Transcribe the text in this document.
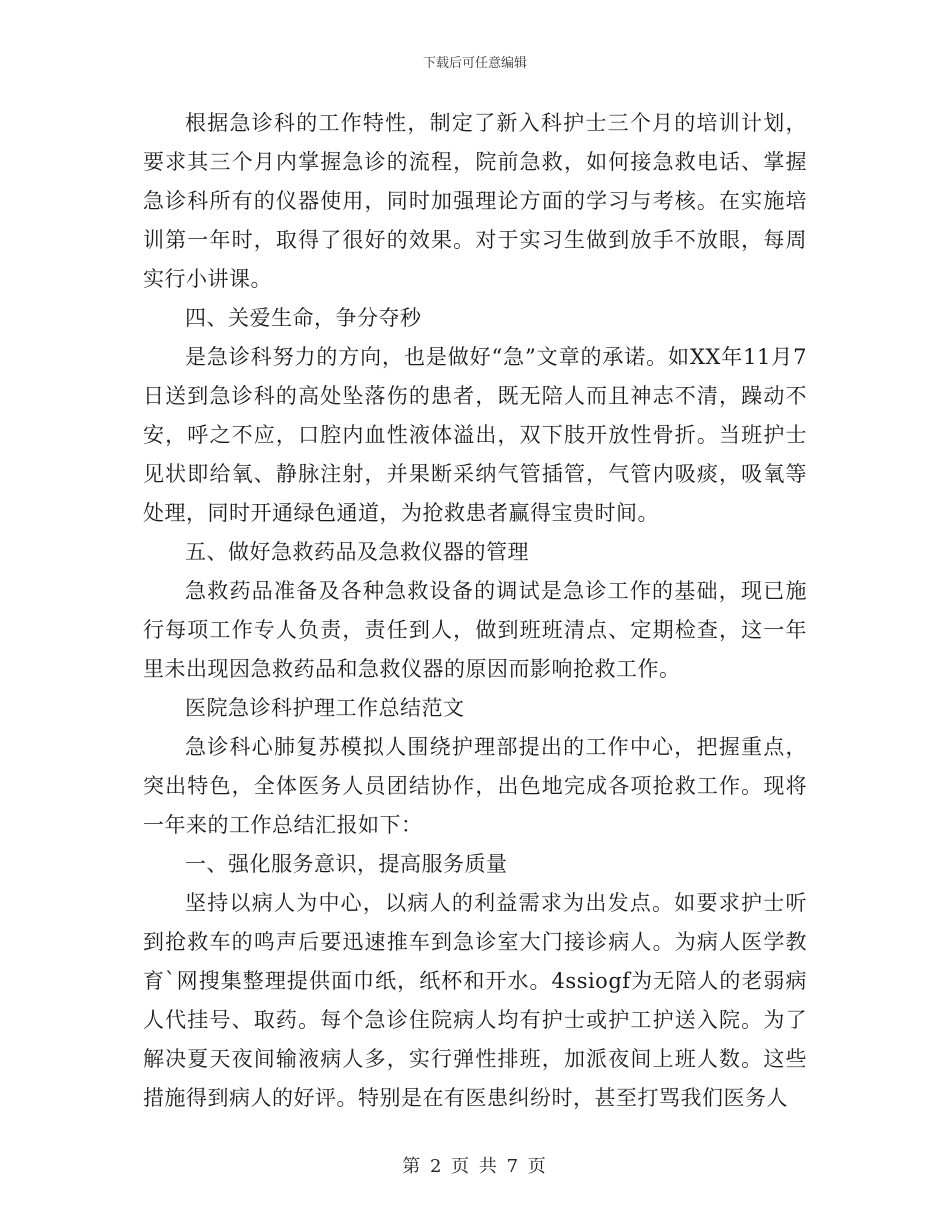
下载后可任意编辑

根据急诊科的工作特性，制定了新入科护士三个月的培训计划，要求其三个月内掌握急诊的流程，院前急救，如何接急救电话、掌握急诊科所有的仪器使用，同时加强理论方面的学习与考核。在实施培训第一年时，取得了很好的效果。对于实习生做到放手不放眼，每周实行小讲课。

四、关爱生命，争分夺秒

是急诊科努力的方向，也是做好“急”文章的承诺。如XX年11月7日送到急诊科的高处坠落伤的患者，既无陪人而且神志不清，躁动不安，呼之不应，口腔内血性液体溢出，双下肢开放性骨折。当班护士见状即给氧、静脉注射，并果断采纳气管插管，气管内吸痰，吸氧等处理，同时开通绿色通道，为抢救患者赢得宝贵时间。

五、做好急救药品及急救仪器的管理

急救药品准备及各种急救设备的调试是急诊工作的基础，现已施行每项工作专人负责，责任到人，做到班班清点、定期检查，这一年里未出现因急救药品和急救仪器的原因而影响抢救工作。

医院急诊科护理工作总结范文

急诊科心肺复苏模拟人围绕护理部提出的工作中心，把握重点，突出特色，全体医务人员团结协作，出色地完成各项抢救工作。现将一年来的工作总结汇报如下：

一、强化服务意识，提高服务质量

坚持以病人为中心，以病人的利益需求为出发点。如要求护士听到抢救车的鸣声后要迅速推车到急诊室大门接诊病人。为病人医学教育`网搜集整理提供面巾纸，纸杯和开水。4ssiogf为无陪人的老弱病人代挂号、取药。每个急诊住院病人均有护士或护工护送入院。为了解决夏天夜间输液病人多，实行弹性排班，加派夜间上班人数。这些措施得到病人的好评。特别是在有医患纠纷时，甚至打骂我们医务人

第 2 页 共 7 页
